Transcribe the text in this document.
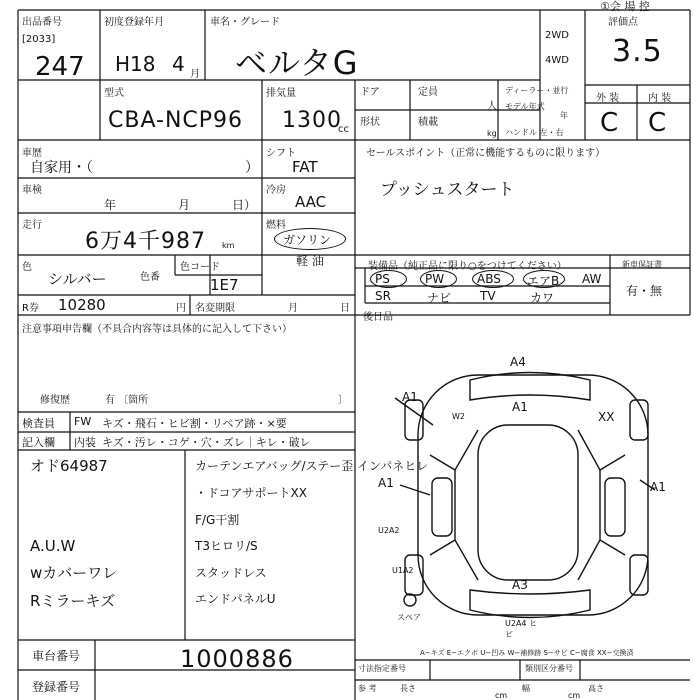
①会 場 控
出品番号
[2033]
247
初度登録年月
H18 4 月
車名・グレード
ベルタG
2WD
4WD
評価点
3.5
型式
CBA-NCP96
排気量
1300
cc
ドア	定員
人
形状	積載
kg
ディーラー・並行
モデル年式
年
ハンドル 左・右
外 装	内 装
C C
車歴
自家用・（	）
シフト
FAT
セールスポイント（正常に機能するものに限ります）
プッシュスタート
車検
年	月	日）
冷房
AAC
走行
6万4千987 km
燃料
ガソリン
軽 油
色
シルバー	色番
色コード
1E7
装備品（純正品に限り○をつけてください）
PS	PW	ABS エアB AW
SR	ナビ TV	カワ
新車保証書
有・無
R券 10280	円 名変期限	月	日
後日品
注意事項申告欄（不具合内容等は具体的に記入して下さい）
修復歴	有 〔箇所	〕
検査員 FW キズ・飛石・ヒビ割・リペア跡・×要
記入欄 内装 キズ・汚レ・コゲ・穴・ズレ｜キレ・破レ
オド64987
A.U.W
wカバーワレ
Rミラーキズ
カーテンエアバッグ/ステー歪 インパネヒレ
・ドコアサポートXX
F/G干割
T3ヒロリ/S
スタッドレス
エンドパネルU
A4
A1
A1
W2	XX
A1	A1
U2A2
U1A2
A3
U2A4 ヒビ
スペア
A−キズ E−エクボ U−凹み W−補修跡 S−サビ C−腐食 XX−交換済
寸法指定番号	類別区分番号
参 考	長さ
cm
幅
cm
高さ
車台番号	1000886
登録番号
